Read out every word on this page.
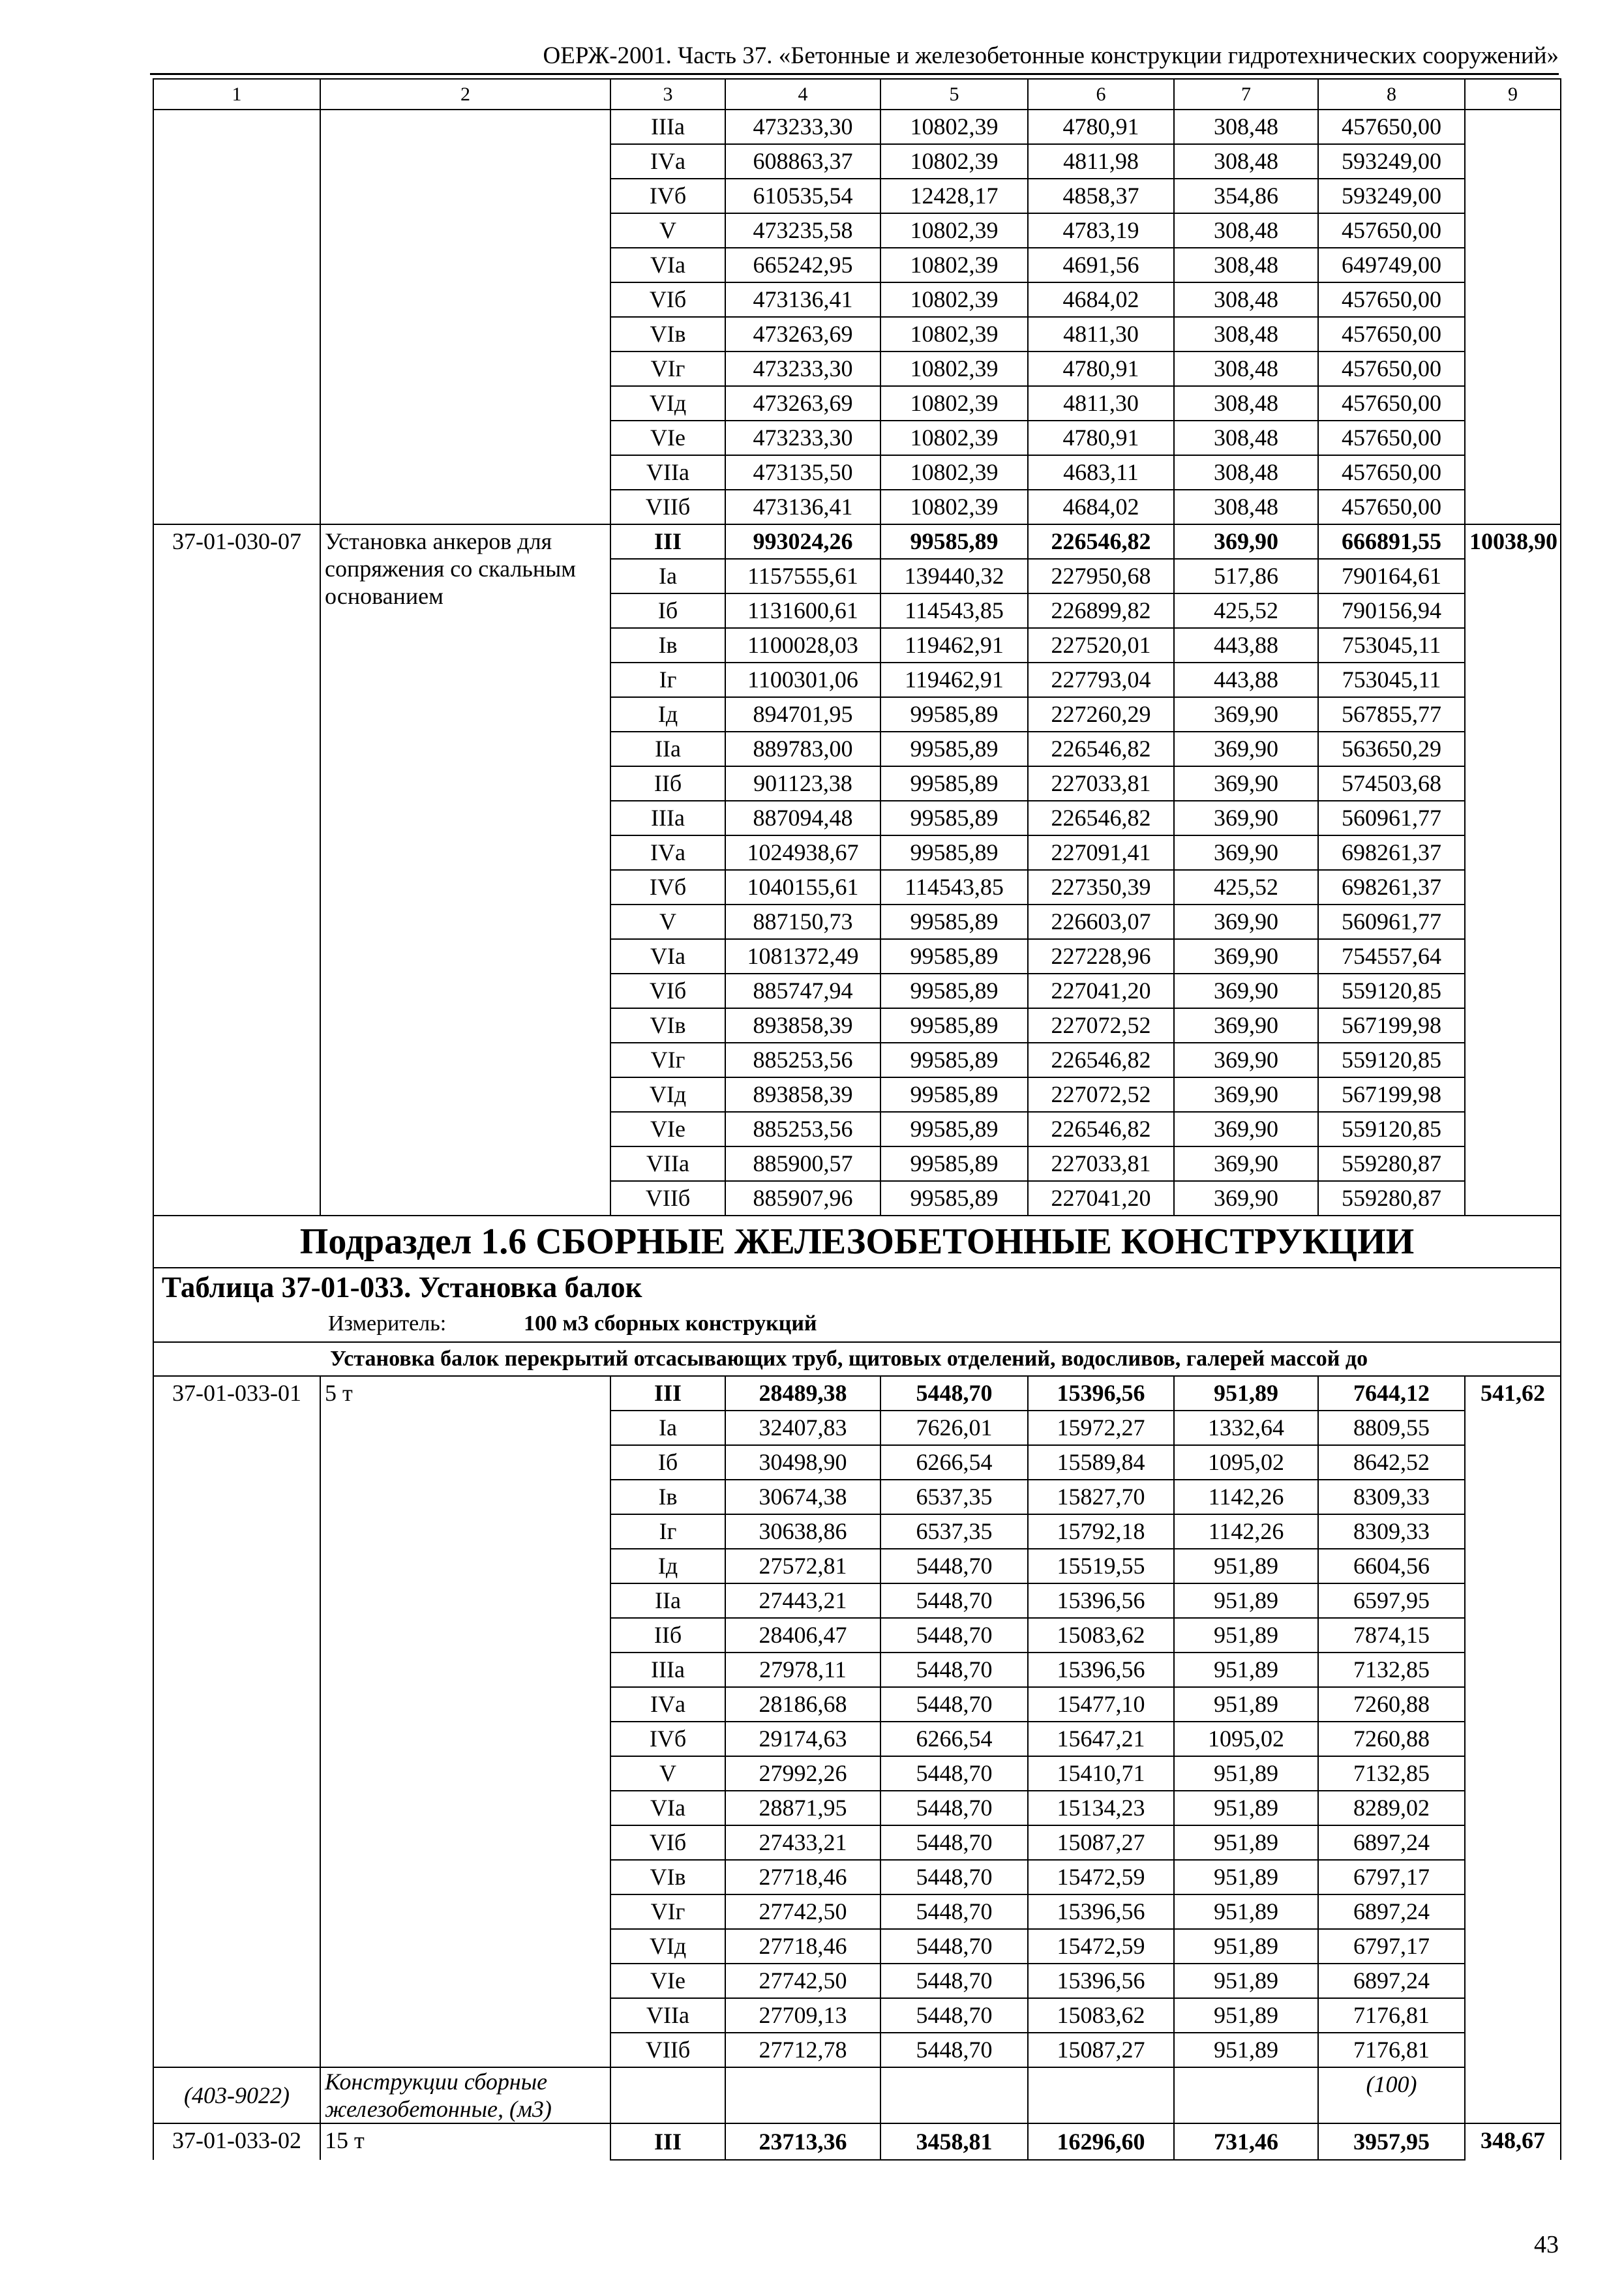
ОЕРЖ-2001. Часть 37. «Бетонные и железобетонные конструкции гидротехнических сооружений»
1	2	3	4	5	6	7	8	9
		IIIа	473233,30	10802,39	4780,91	308,48	457650,00	
		IVа	608863,37	10802,39	4811,98	308,48	593249,00	
		IVб	610535,54	12428,17	4858,37	354,86	593249,00	
		V	473235,58	10802,39	4783,19	308,48	457650,00	
		VIа	665242,95	10802,39	4691,56	308,48	649749,00	
		VIб	473136,41	10802,39	4684,02	308,48	457650,00	
		VIв	473263,69	10802,39	4811,30	308,48	457650,00	
		VIг	473233,30	10802,39	4780,91	308,48	457650,00	
		VIд	473263,69	10802,39	4811,30	308,48	457650,00	
		VIе	473233,30	10802,39	4780,91	308,48	457650,00	
		VIIа	473135,50	10802,39	4683,11	308,48	457650,00	
		VIIб	473136,41	10802,39	4684,02	308,48	457650,00	
37-01-030-07	Установка анкеров для сопряжения со скальным основанием	III	993024,26	99585,89	226546,82	369,90	666891,55	10038,90
		Iа	1157555,61	139440,32	227950,68	517,86	790164,61	
		Iб	1131600,61	114543,85	226899,82	425,52	790156,94	
		Iв	1100028,03	119462,91	227520,01	443,88	753045,11	
		Iг	1100301,06	119462,91	227793,04	443,88	753045,11	
		Iд	894701,95	99585,89	227260,29	369,90	567855,77	
		IIа	889783,00	99585,89	226546,82	369,90	563650,29	
		IIб	901123,38	99585,89	227033,81	369,90	574503,68	
		IIIа	887094,48	99585,89	226546,82	369,90	560961,77	
		IVа	1024938,67	99585,89	227091,41	369,90	698261,37	
		IVб	1040155,61	114543,85	227350,39	425,52	698261,37	
		V	887150,73	99585,89	226603,07	369,90	560961,77	
		VIа	1081372,49	99585,89	227228,96	369,90	754557,64	
		VIб	885747,94	99585,89	227041,20	369,90	559120,85	
		VIв	893858,39	99585,89	227072,52	369,90	567199,98	
		VIг	885253,56	99585,89	226546,82	369,90	559120,85	
		VIд	893858,39	99585,89	227072,52	369,90	567199,98	
		VIе	885253,56	99585,89	226546,82	369,90	559120,85	
		VIIа	885900,57	99585,89	227033,81	369,90	559280,87	
		VIIб	885907,96	99585,89	227041,20	369,90	559280,87	
Подраздел 1.6 СБОРНЫЕ ЖЕЛЕЗОБЕТОННЫЕ КОНСТРУКЦИИ								
Таблица 37-01-033. Установка балок								
Измеритель: 100 м3 сборных конструкций								
Установка балок перекрытий отсасывающих труб, щитовых отделений, водосливов, галерей массой до								
37-01-033-01	5 т	III	28489,38	5448,70	15396,56	951,89	7644,12	541,62
		Iа	32407,83	7626,01	15972,27	1332,64	8809,55	
		Iб	30498,90	6266,54	15589,84	1095,02	8642,52	
		Iв	30674,38	6537,35	15827,70	1142,26	8309,33	
		Iг	30638,86	6537,35	15792,18	1142,26	8309,33	
		Iд	27572,81	5448,70	15519,55	951,89	6604,56	
		IIа	27443,21	5448,70	15396,56	951,89	6597,95	
		IIб	28406,47	5448,70	15083,62	951,89	7874,15	
		IIIа	27978,11	5448,70	15396,56	951,89	7132,85	
		IVа	28186,68	5448,70	15477,10	951,89	7260,88	
		IVб	29174,63	6266,54	15647,21	1095,02	7260,88	
		V	27992,26	5448,70	15410,71	951,89	7132,85	
		VIа	28871,95	5448,70	15134,23	951,89	8289,02	
		VIб	27433,21	5448,70	15087,27	951,89	6897,24	
		VIв	27718,46	5448,70	15472,59	951,89	6797,17	
		VIг	27742,50	5448,70	15396,56	951,89	6897,24	
		VIд	27718,46	5448,70	15472,59	951,89	6797,17	
		VIе	27742,50	5448,70	15396,56	951,89	6897,24	
		VIIа	27709,13	5448,70	15083,62	951,89	7176,81	
		VIIб	27712,78	5448,70	15087,27	951,89	7176,81	
(403-9022)	Конструкции сборные железобетонные, (м3)						(100)	
37-01-033-02	15 т	III	23713,36	3458,81	16296,60	731,46	3957,95	348,67
43
